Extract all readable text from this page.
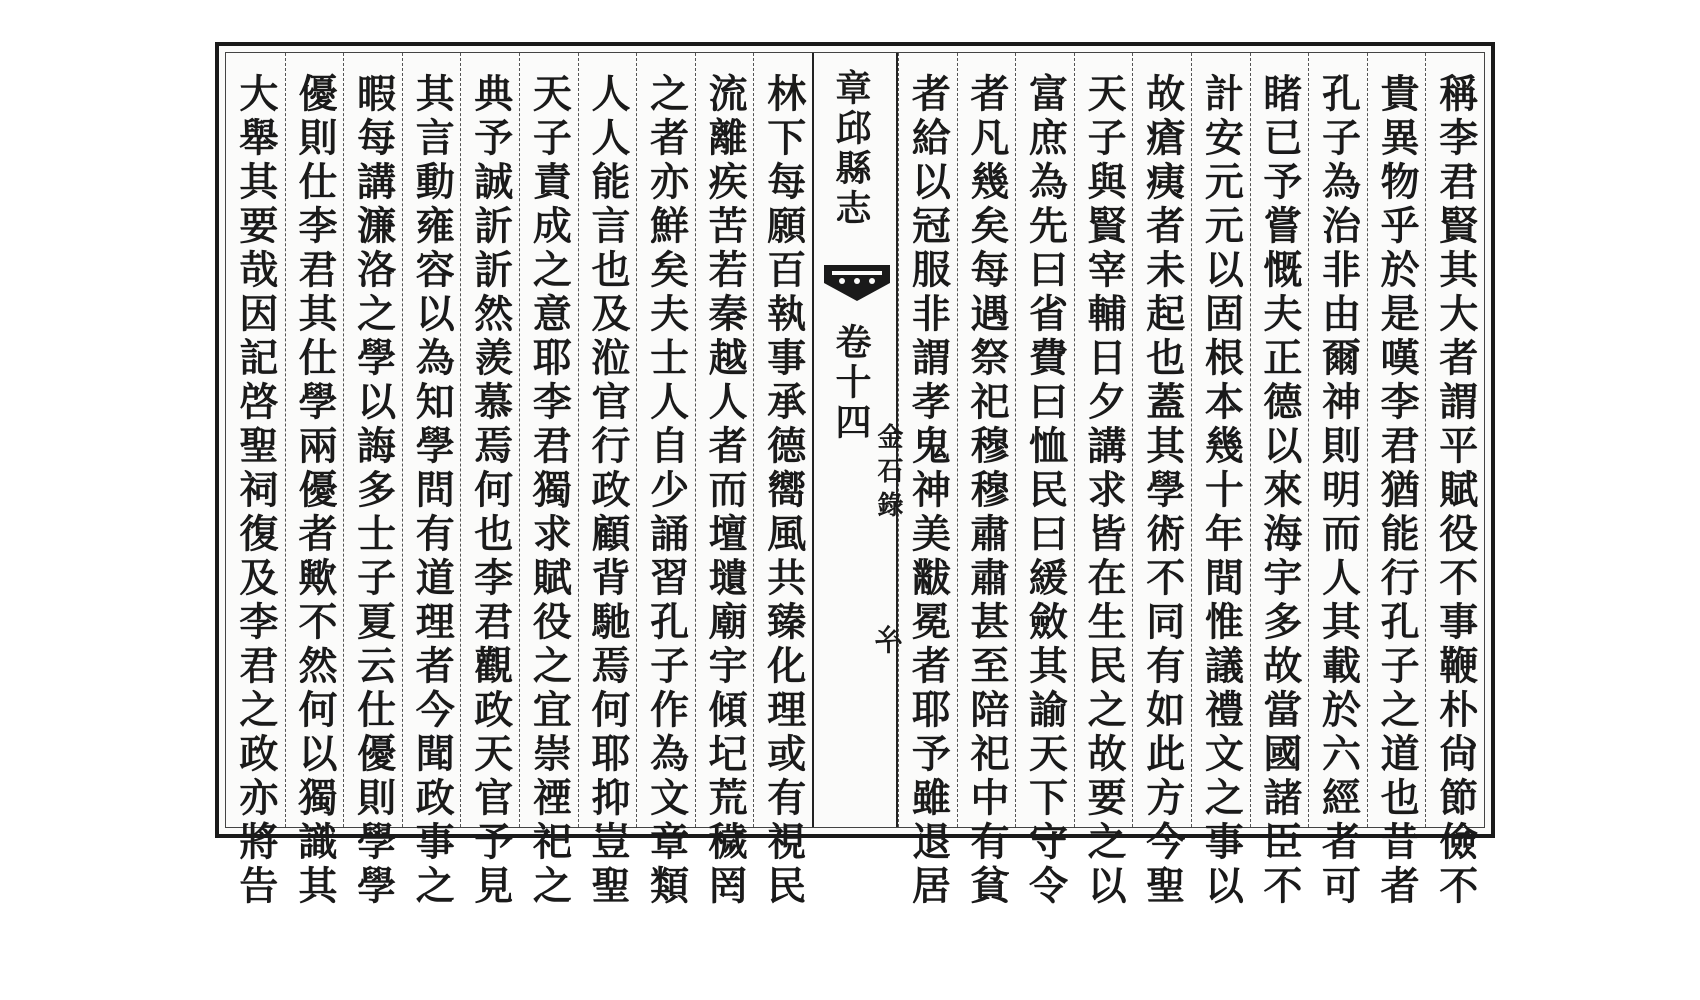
稱李君賢其大者謂平賦役不事鞭朴尙節儉不
貴異物乎於是嘆李君猶能行孔子之道也昔者
孔子為治非由爾神則明而人其載於六經者可
睹已予嘗慨夫正德以來海宇多故當國諸臣不
計安元元以固根本幾十年間惟議禮文之事以
故瘡痍者未起也蓋其學術不同有如此方今聖
天子與賢宰輔日夕講求皆在生民之故要之以
富庶為先曰省費曰恤民曰緩斂其諭天下守令
者凡幾矣每遇祭祀穆穆肅肅甚至陪祀中有貧
者給以冠服非謂孝鬼神美黻冕者耶予雖退居
章邱縣志
卷十四
金石錄
𢆯
林下每願百執事承德嚮風共臻化理或有視民
流離疾苦若秦越人者而壇壝廟宇傾圮荒穢罔
之者亦鮮矣夫士人自少誦習孔子作為文章類
人人能言也及涖官行政顧背馳焉何耶抑豈聖
天子責成之意耶李君獨求賦役之宜崇禋祀之
典予誠訢訢然羨慕焉何也李君觀政天官予見
其言動雍容以為知學問有道理者今聞政事之
暇每講濂洛之學以誨多士子夏云仕優則學學
優則仕李君其仕學兩優者歟不然何以獨識其
大舉其要哉因記啓聖祠復及李君之政亦將告
